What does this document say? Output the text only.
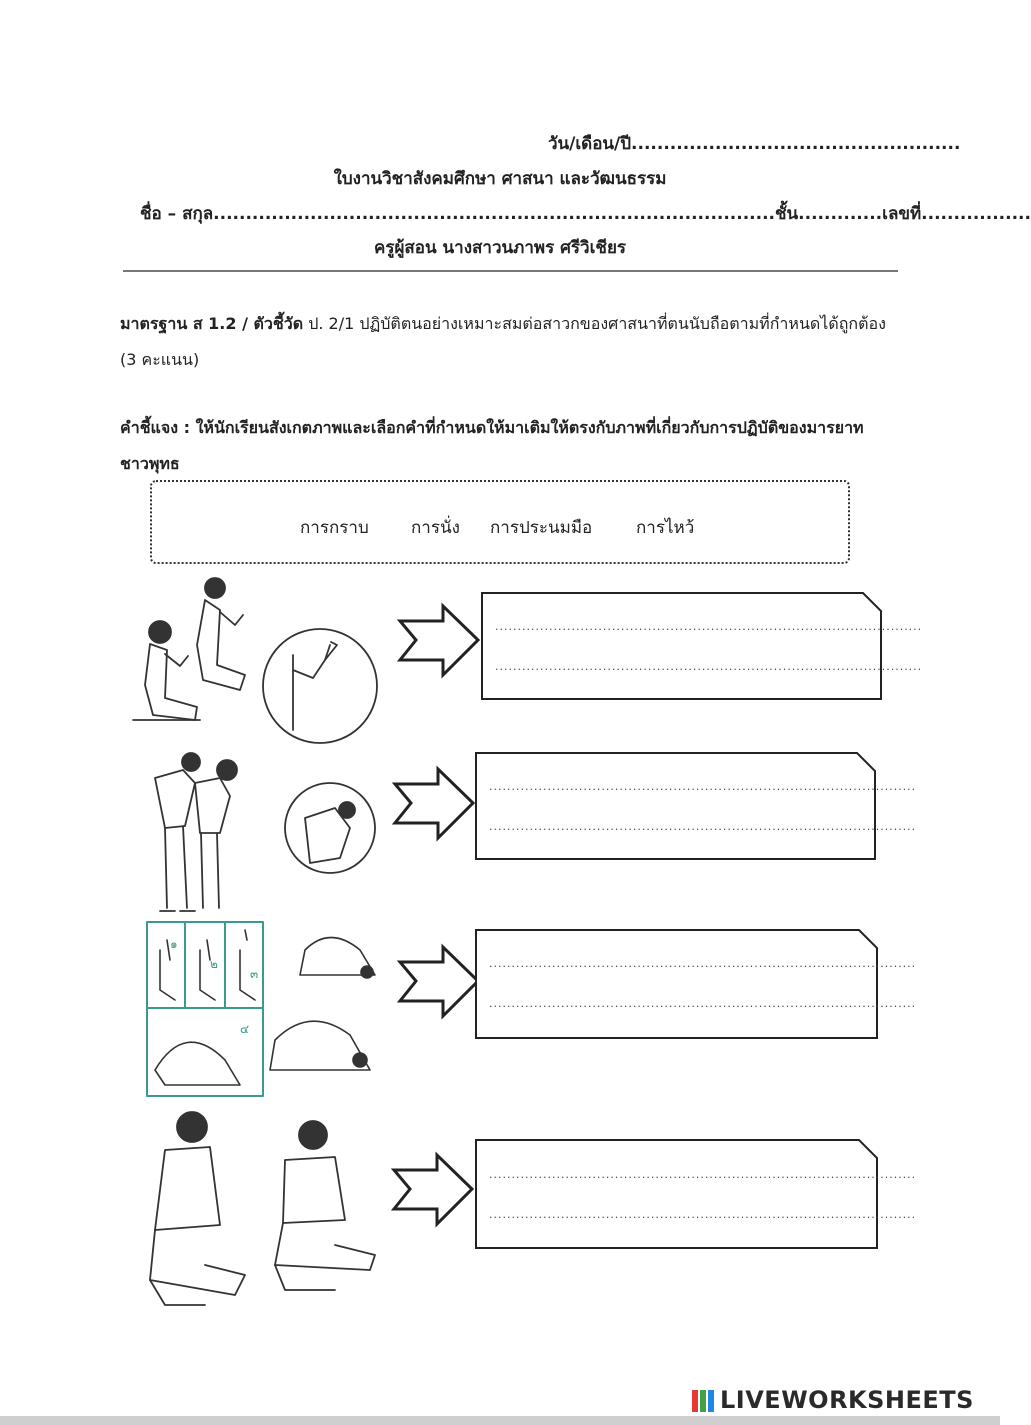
วัน/เดือน/ปี...................................................
ใบงานวิชาสังคมศึกษา ศาสนา และวัฒนธรรม
ชื่อ – สกุล.......................................................................................ชั้น.............เลขที่.................
ครูผู้สอน นางสาวนภาพร ศรีวิเชียร
มาตรฐาน ส 1.2 / ตัวชี้วัด ป. 2/1 ปฏิบัติตนอย่างเหมาะสมต่อสาวกของศาสนาที่ตนนับถือตามที่กำหนดได้ถูกต้อง (3 คะแนน)
คำชี้แจง : ให้นักเรียนสังเกตภาพและเลือกคำที่กำหนดให้มาเติมให้ตรงกับภาพที่เกี่ยวกับการปฏิบัติของมารยาทชาวพุทธ
การกราบ การนั่ง การประนมมือ	การไหว้
๑
๒
๓
๔
...............................................................................................
...............................................................................................
...............................................................................................
...............................................................................................
...............................................................................................
...............................................................................................
...............................................................................................
...............................................................................................
LIVEWORKSHEETS
